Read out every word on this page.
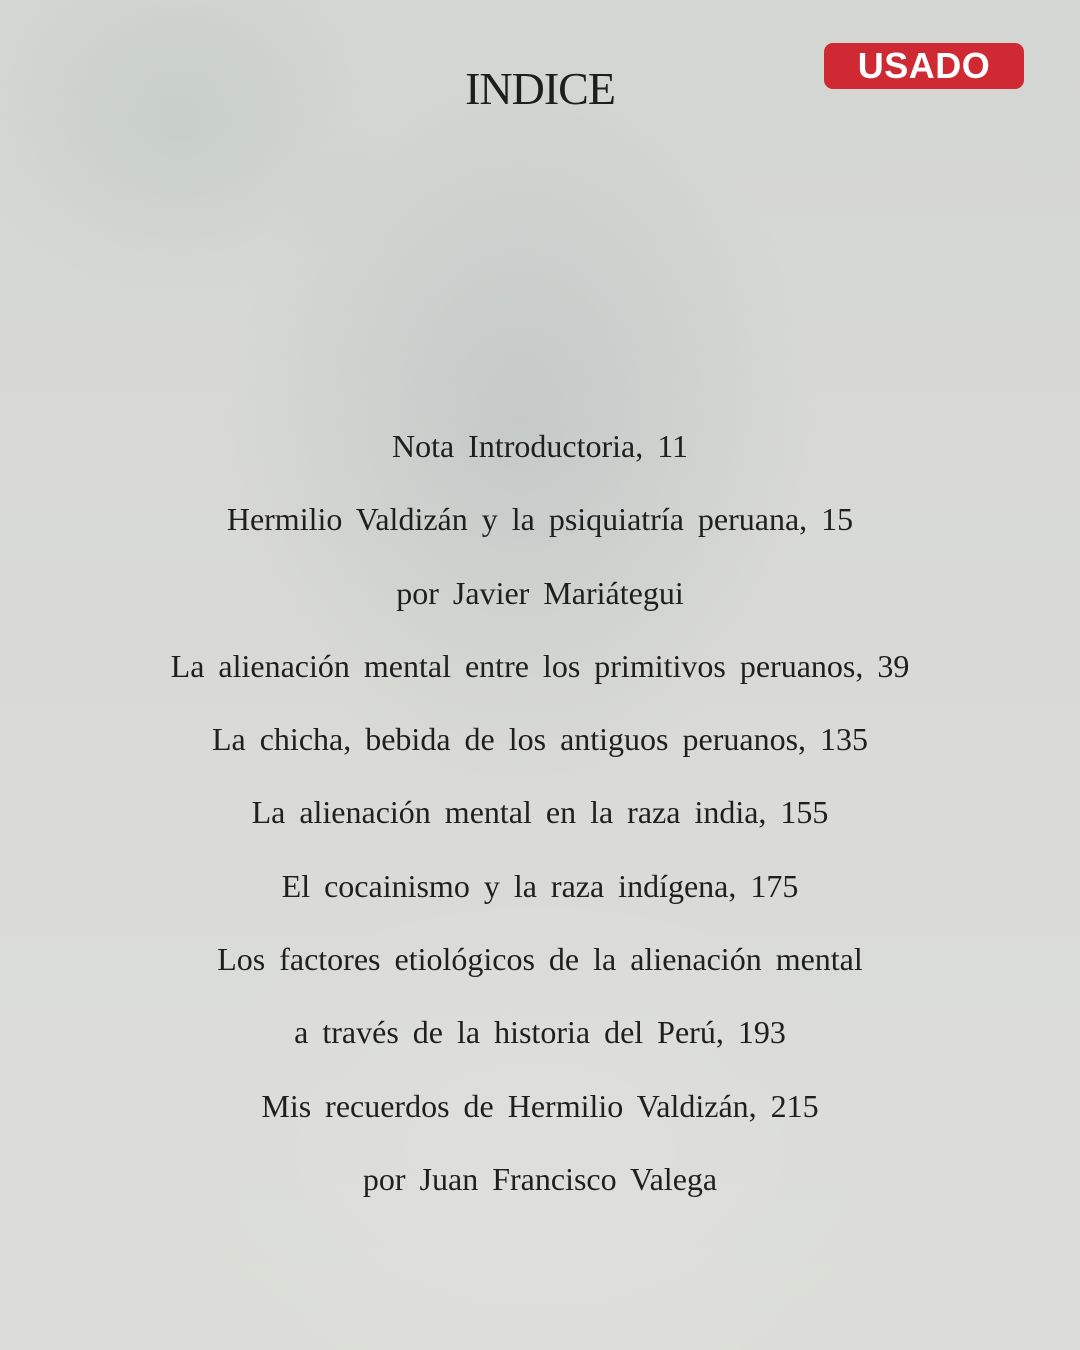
INDICE	USADO
Nota Introductoria, 11
Hermilio Valdizán y la psiquiatría peruana, 15
por Javier Mariátegui
La alienación mental entre los primitivos peruanos, 39
La chicha, bebida de los antiguos peruanos, 135
La alienación mental en la raza india, 155
El cocainismo y la raza indígena, 175
Los factores etiológicos de la alienación mental
a través de la historia del Perú, 193
Mis recuerdos de Hermilio Valdizán, 215
por Juan Francisco Valega
